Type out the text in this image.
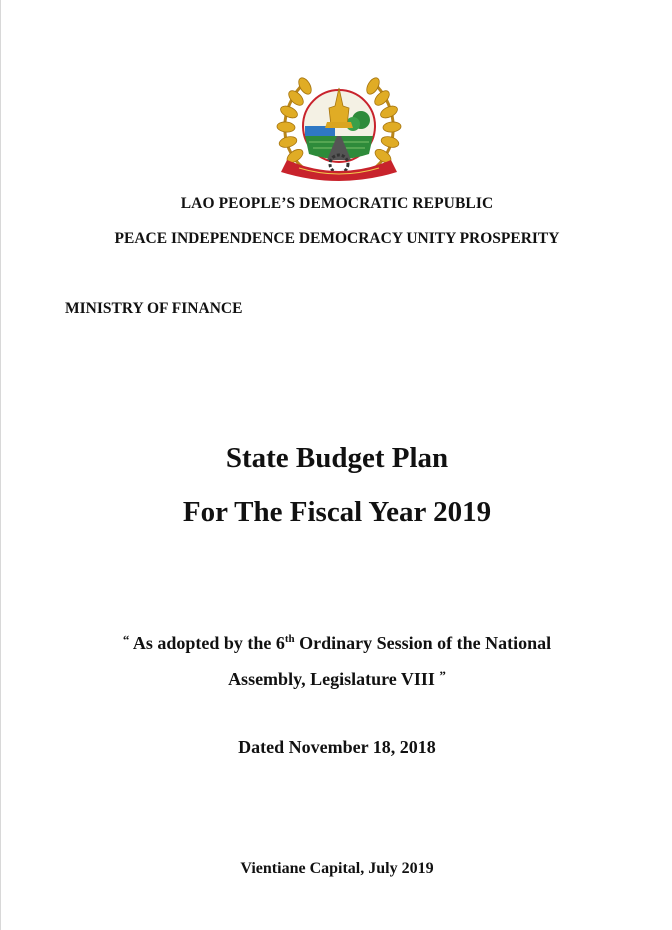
LAO PEOPLE’S DEMOCRATIC REPUBLIC
PEACE INDEPENDENCE DEMOCRACY UNITY PROSPERITY
MINISTRY OF FINANCE
State Budget Plan
For The Fiscal Year 2019
“ As adopted by the 6th Ordinary Session of the National
Assembly, Legislature VIII ”
Dated November 18, 2018
Vientiane Capital, July 2019
